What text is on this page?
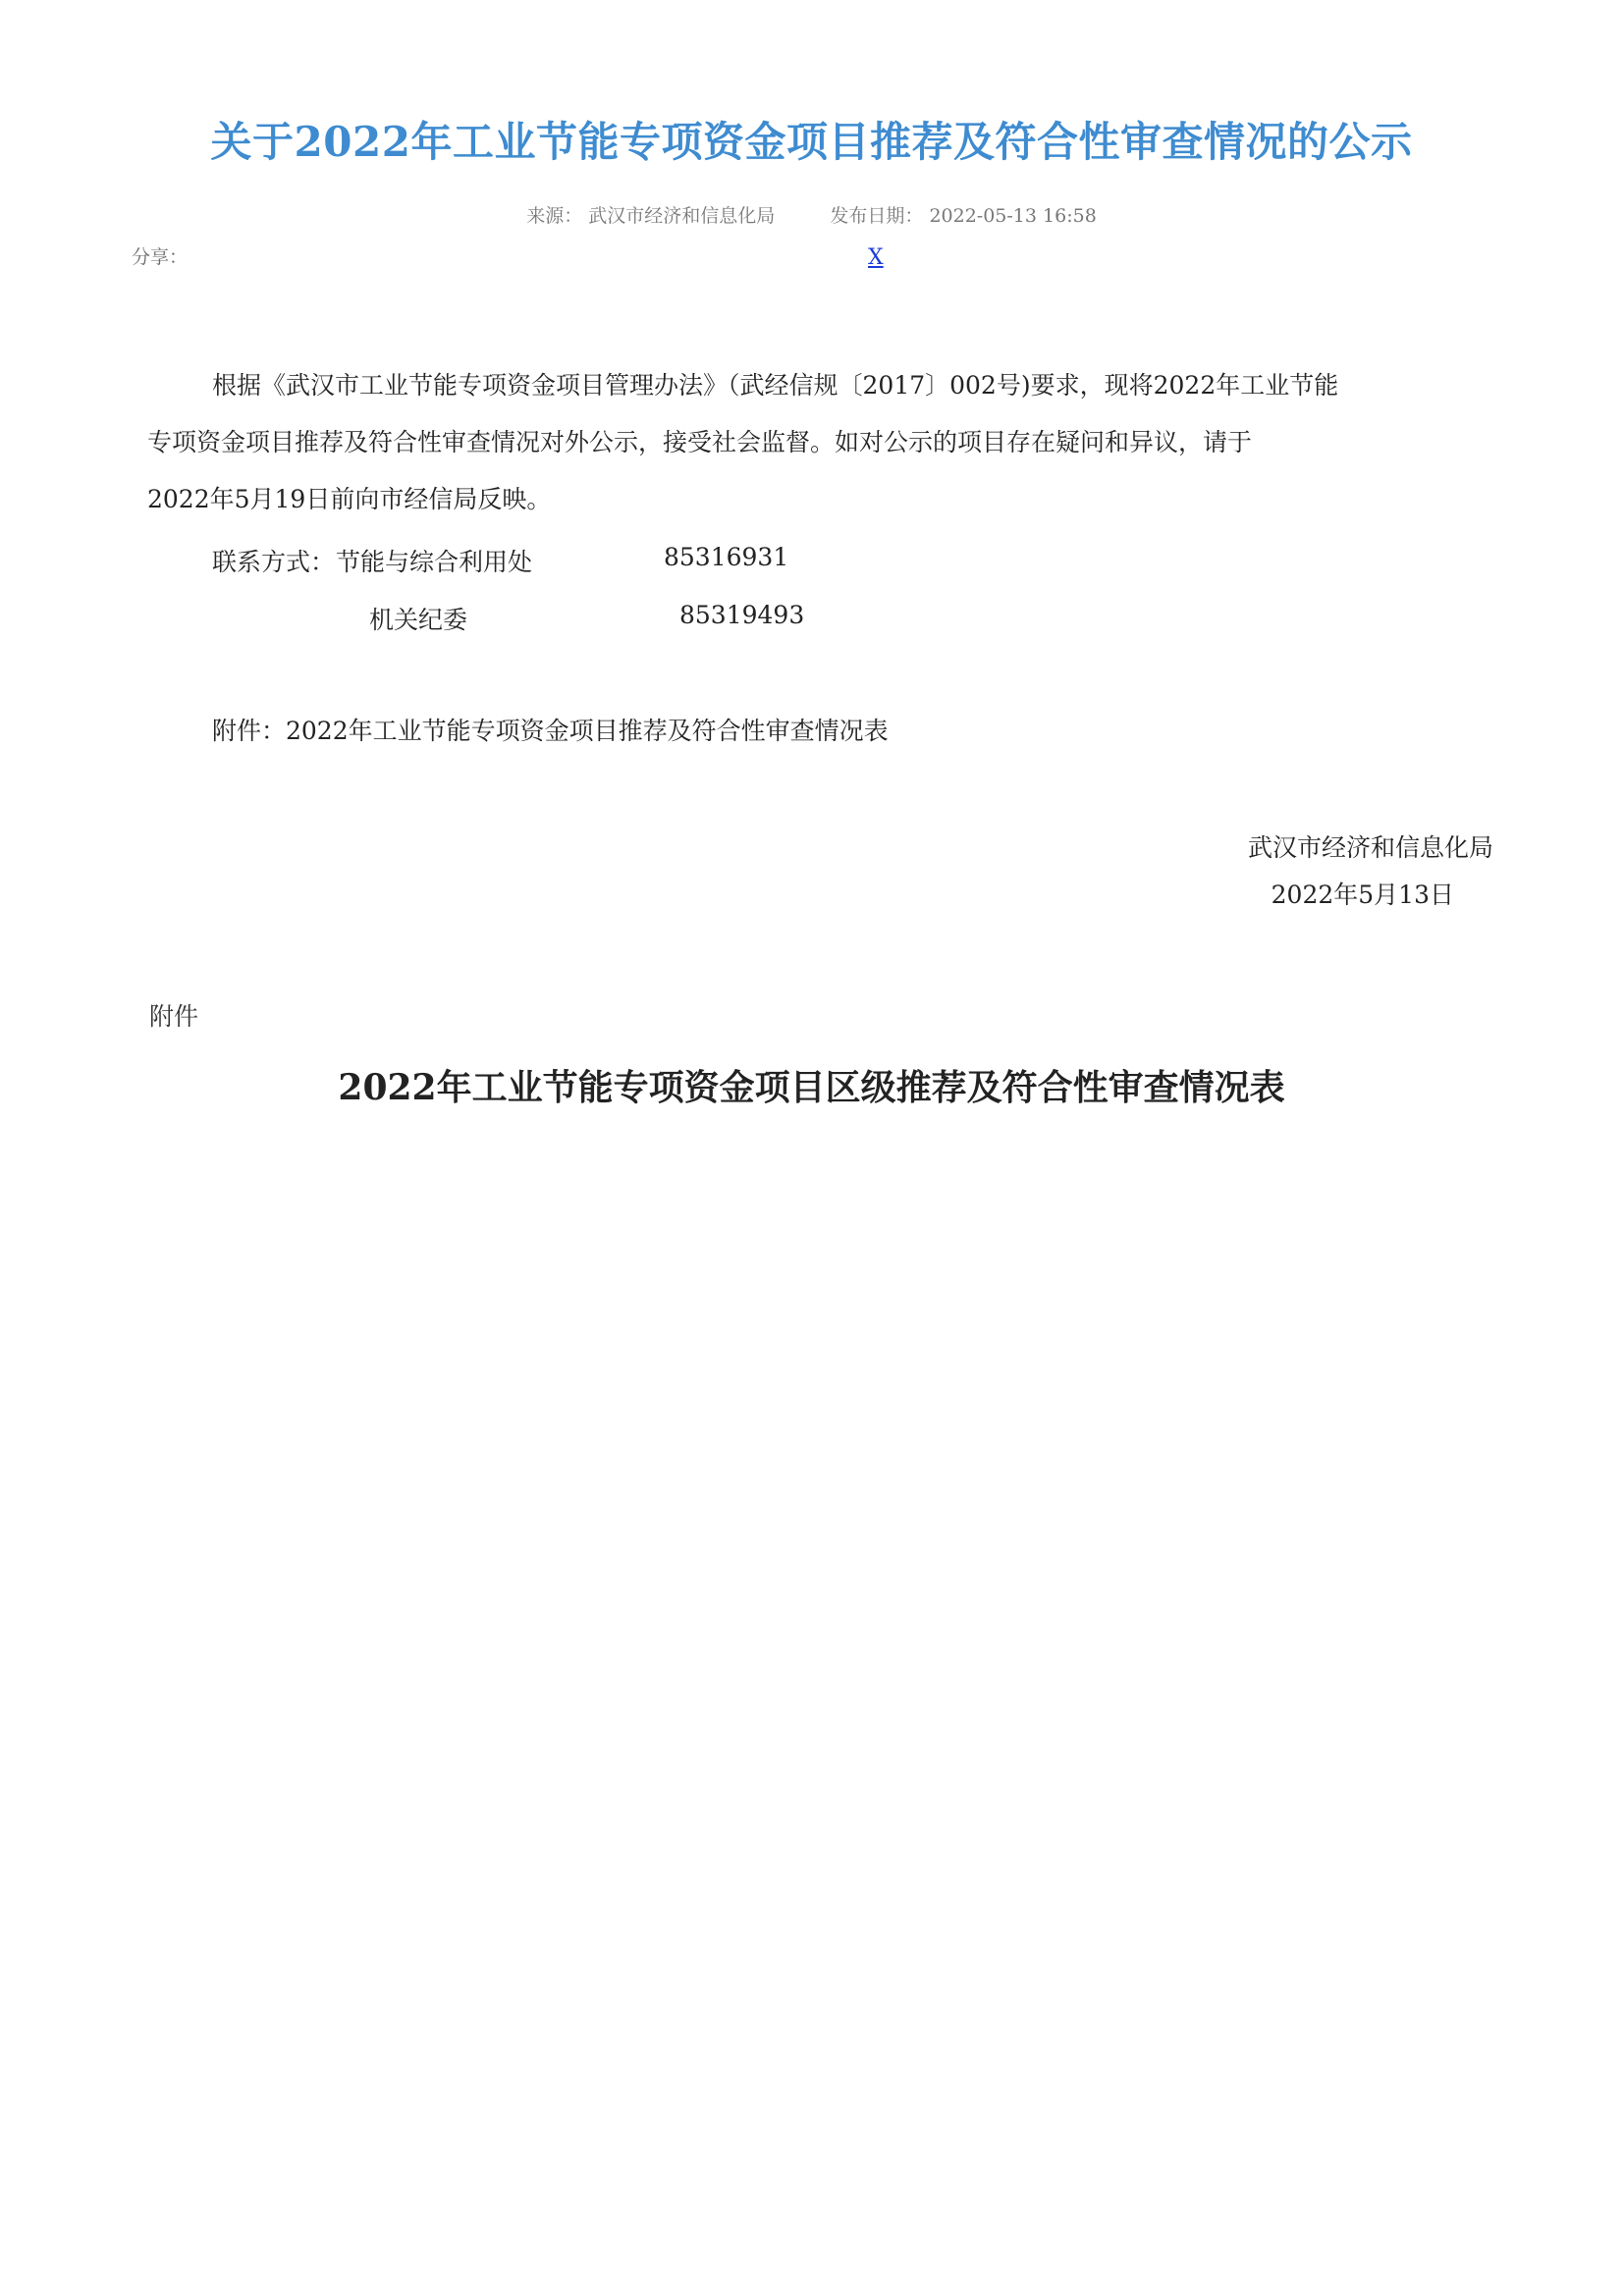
关于2022年工业节能专项资金项目推荐及符合性审查情况的公示
来源： 武汉市经济和信息化局	发布日期： 2022-05-13 16:58
分享：	X
根据《武汉市工业节能专项资金项目管理办法》（武经信规〔2017〕002号)要求，现将2022年工业节能
专项资金项目推荐及符合性审查情况对外公示，接受社会监督。如对公示的项目存在疑问和异议，请于
2022年5月19日前向市经信局反映。
联系方式： 节能与综合利用处	85316931
机关纪委	85319493
附件：2022年工业节能专项资金项目推荐及符合性审查情况表
武汉市经济和信息化局
2022年5月13日
附件
2022年工业节能专项资金项目区级推荐及符合性审查情况表
